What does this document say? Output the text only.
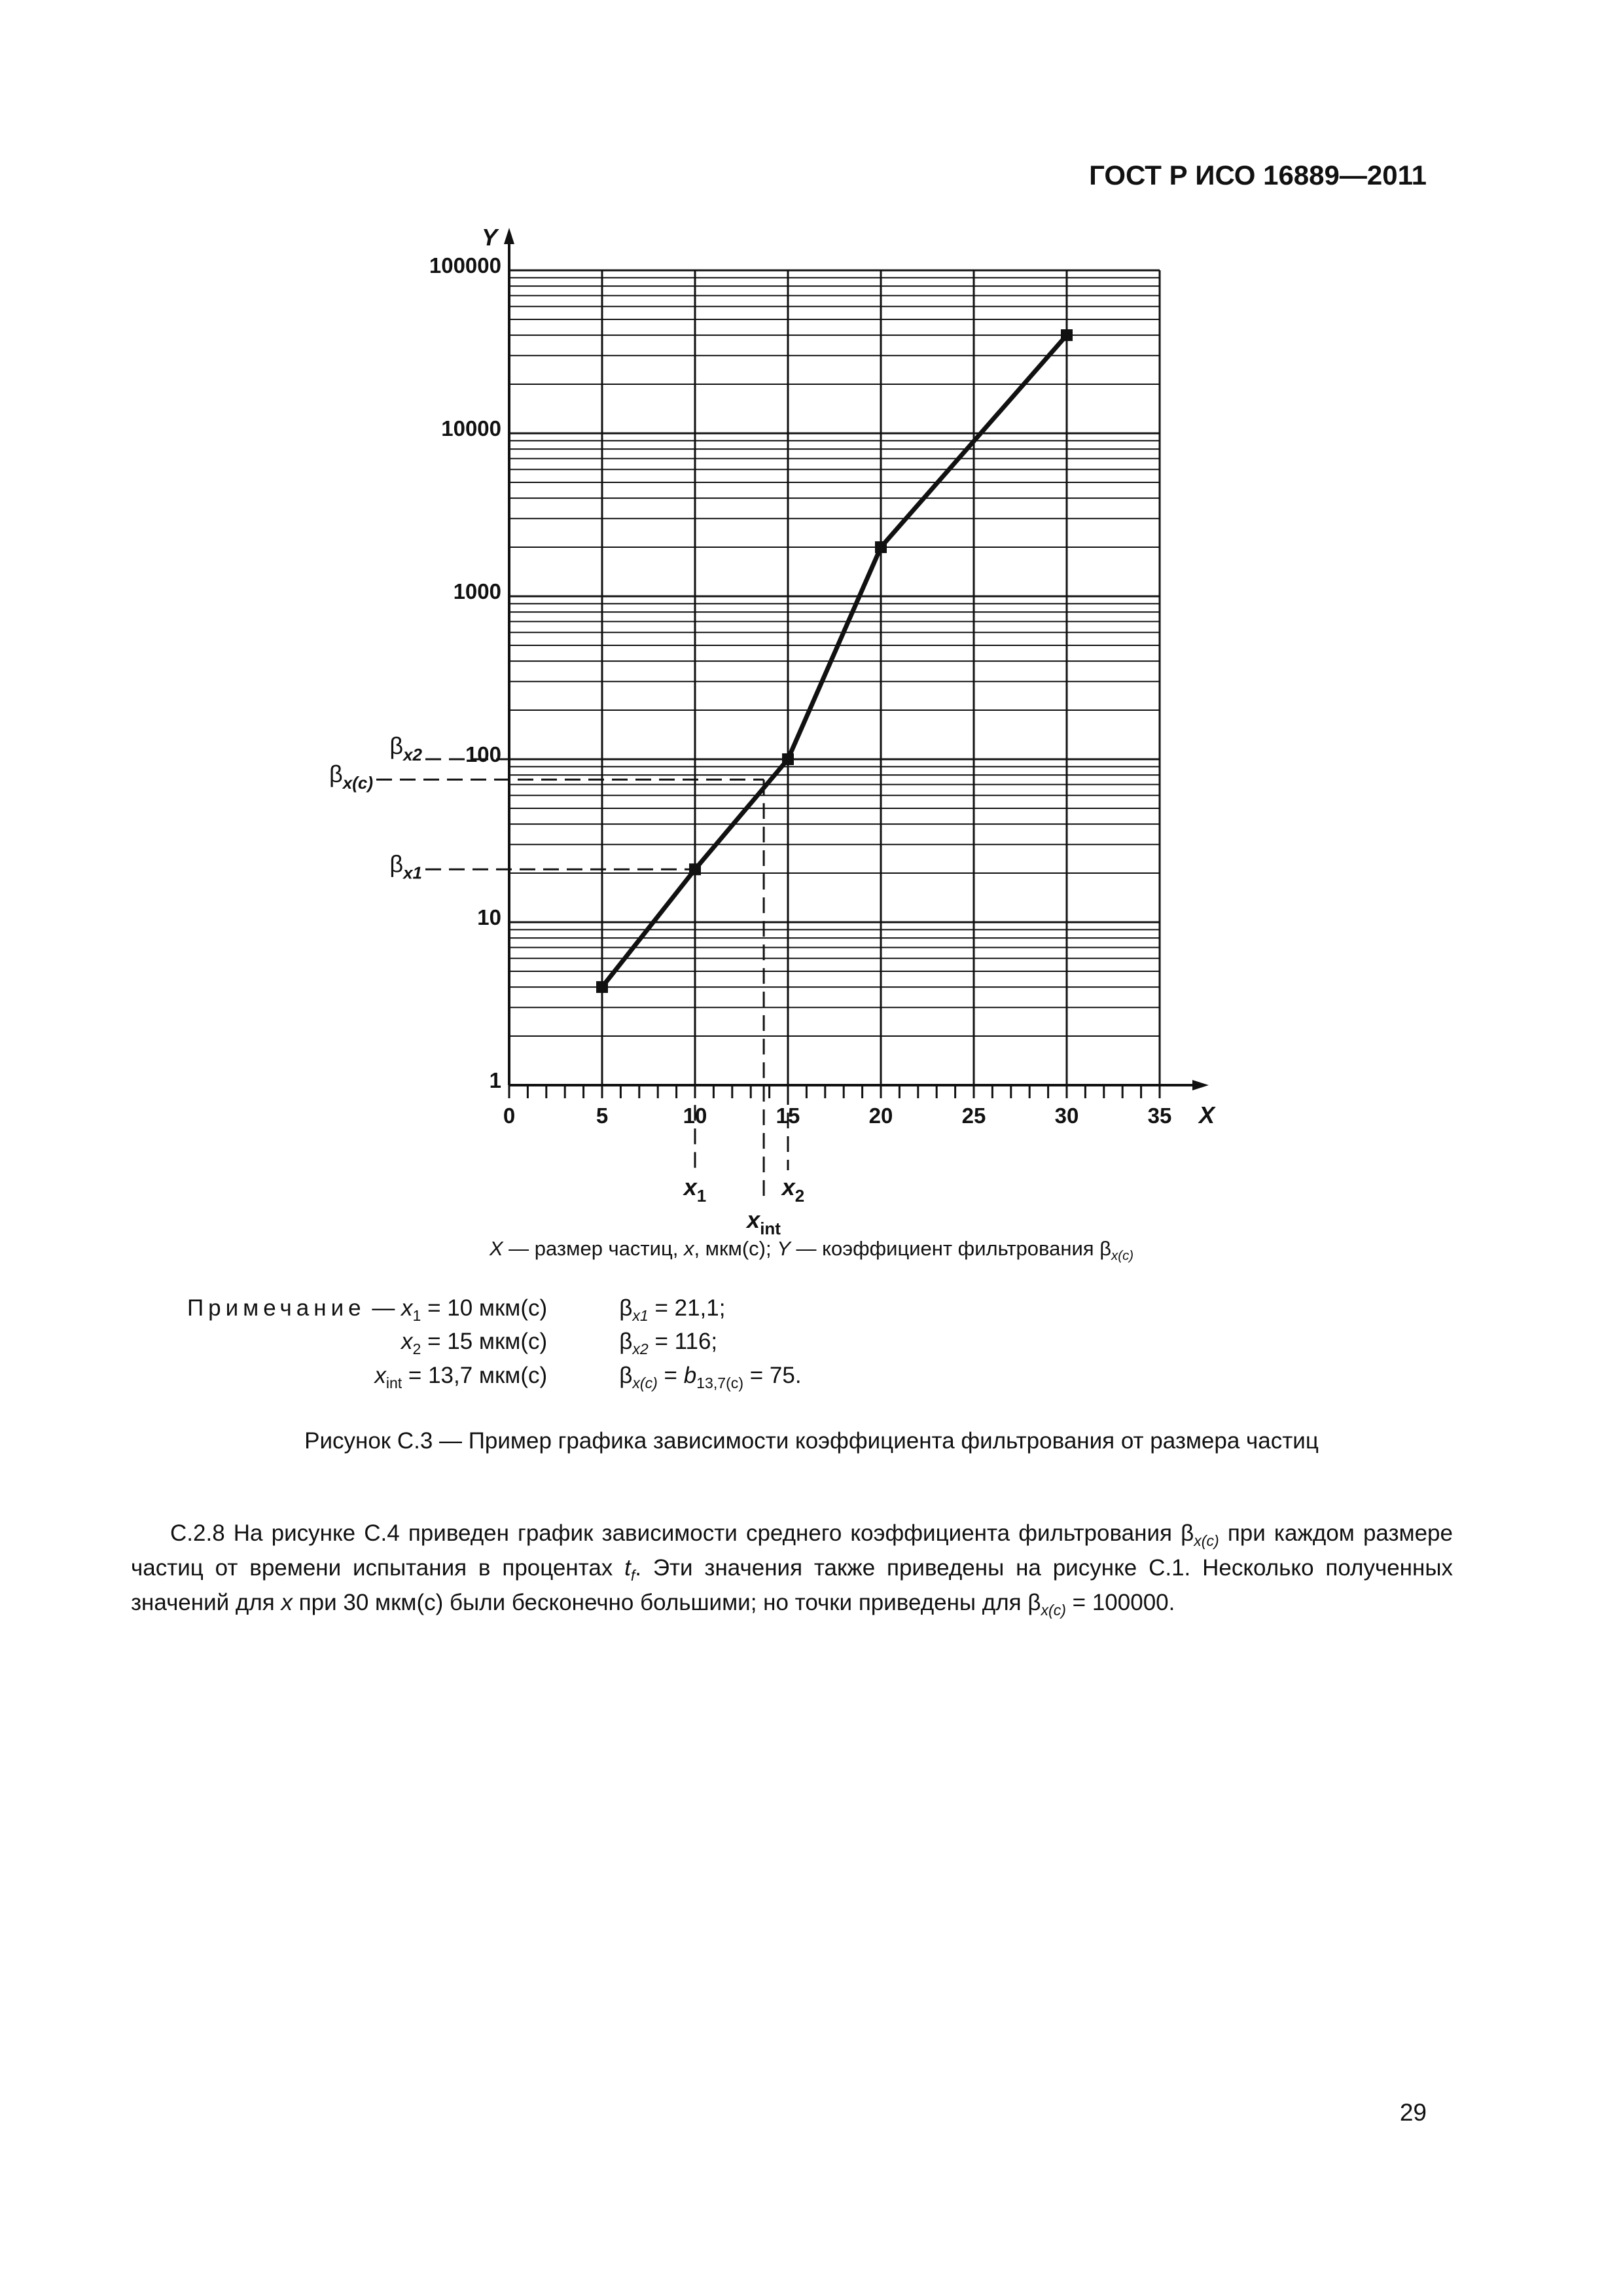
ГОСТ Р ИСО 16889—2011
0	5	10	15	20	25	30	35
1
10
100
1000
10000
100000
Y
X
$x_1$
$x_{int}$
$x_2$
$\beta_{x1}$
$\beta_{x(c)}$
$\beta_{x2}$
X — размер частиц, x, мкм(с); Y — коэффициент фильтрования $\beta_{x(c)}$
Примечание — $x_1 = 10$ мкм(с)	$\beta_{x1} = 21,1$;
$x_2 = 15$ мкм(с)	$\beta_{x2} = 116$;
$x_{int} = 13,7$ мкм(с)	$\beta_{x(c)} = b_{13,7(c)} = 75$.
Рисунок С.3 — Пример графика зависимости коэффициента фильтрования от размера частиц
С.2.8 На рисунке С.4 приведен график зависимости среднего коэффициента фильтрования $\beta_{x(c)}$ при каждом размере частиц от времени испытания в процентах $t_f$. Эти значения также приведены на рисунке С.1. Несколько полученных значений для x при 30 мкм(с) были бесконечно большими; но точки приведены для $\beta_{x(c)} = 100000$.
29
